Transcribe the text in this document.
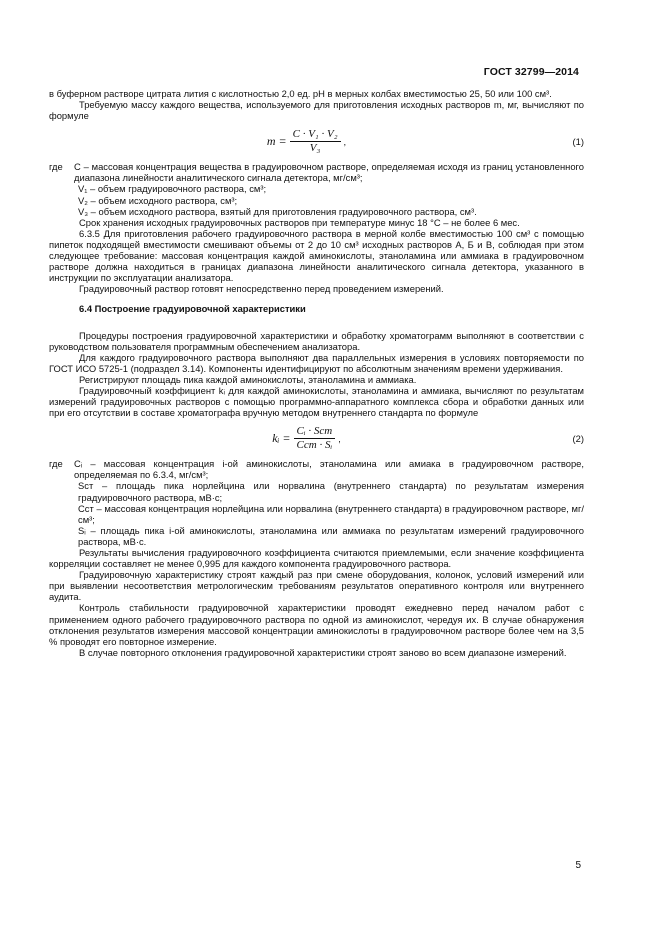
ГОСТ 32799—2014

в буферном растворе цитрата лития с кислотностью 2,0 ед. рН в мерных колбах вместимостью 25, 50 или 100 см³.

Требуемую массу каждого вещества, используемого для приготовления исходных растворов m, мг, вычисляют по формуле

$m = \frac{\text{C · V₁ · V₂}}{\text{V₃}}$ ,	(1)
где	C – массовая концентрация вещества в градуировочном растворе, определяемая исходя из границ установленного диапазона линейности аналитического сигнала детектора, мг/см³;

V₁ – объем градуировочного раствора, см³;

V₂ – объем исходного раствора, см³;

V₃ – объем исходного раствора, взятый для приготовления градуировочного раствора, см³.

Срок хранения исходных градуировочных растворов при температуре минус 18 °С – не более 6 мес.

6.3.5 Для приготовления рабочего градуировочного раствора в мерной колбе вместимостью 100 см³ с помощью пипеток подходящей вместимости смешивают объемы от 2 до 10 см³ исходных растворов А, Б и В, соблюдая при этом следующее требование: массовая концентрация каждой аминокислоты, этаноламина или аммиака в градуировочном растворе должна находиться в границах диапазона линейности аналитического сигнала детектора, указанного в инструкции по эксплуатации анализатора.

Градуировочный раствор готовят непосредственно перед проведением измерений.

6.4 Построение градуировочной характеристики

Процедуры построения градуировочной характеристики и обработку хроматограмм выполняют в соответствии с руководством пользователя программным обеспечением анализатора.

Для каждого градуировочного раствора выполняют два параллельных измерения в условиях повторяемости по ГОСТ ИСО 5725-1 (подраздел 3.14). Компоненты идентифицируют по абсолютным значениям времени удерживания.

Регистрируют площадь пика каждой аминокислоты, этаноламина и аммиака.

Градуировочный коэффициент kᵢ для каждой аминокислоты, этаноламина и аммиака, вычисляют по результатам измерений градуировочных растворов с помощью программно-аппаратного комплекса сбора и обработки данных или при его отсутствии в составе хроматографа вручную методом внутреннего стандарта по формуле

kᵢ = $\frac{\text{Cᵢ · Sст}}{\text{Cст · Sᵢ}}$ ,	(2)
где	Cᵢ – массовая концентрация i-ой аминокислоты, этаноламина или амиака в градуировочном растворе, определяемая по 6.3.4, мг/см³;

Sст – площадь пика норлейцина или норвалина (внутреннего стандарта) по результатам измерения градуировочного раствора, мВ·с;

Cст – массовая концентрация норлейцина или норвалина (внутреннего стандарта) в градуировочном растворе, мг/см³;

Sᵢ – площадь пика i-ой аминокислоты, этаноламина или аммиака по результатам измерений градуировочного раствора, мВ·с.

Результаты вычисления градуировочного коэффициента считаются приемлемыми, если значение коэффициента корреляции составляет не менее 0,995 для каждого компонента градуировочного раствора.

Градуировочную характеристику строят каждый раз при смене оборудования, колонок, условий измерений или при выявлении несоответствия метрологическим требованиям результатов оперативного контроля или внутреннего аудита.

Контроль стабильности градуировочной характеристики проводят ежедневно перед началом работ с применением одного рабочего градуировочного раствора по одной из аминокислот, чередуя их. В случае обнаружения отклонения результатов измерения массовой концентрации аминокислоты в градуировочном растворе более чем на 3,5 % проводят его повторное измерение.

В случае повторного отклонения градуировочной характеристики строят заново во всем диапазоне измерений.

5
